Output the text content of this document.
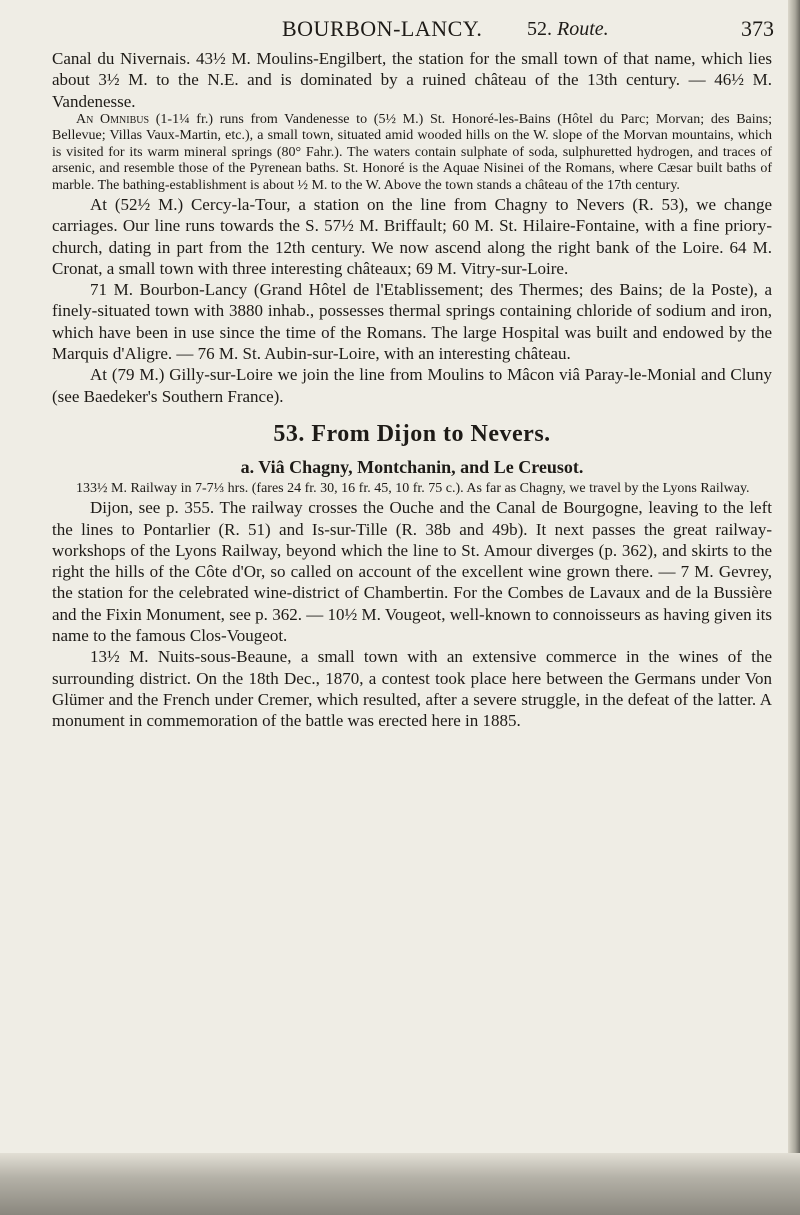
BOURBON-LANCY. 52. Route.	373

Canal du Nivernais. 43½ M. Moulins-Engilbert, the station for the small town of that name, which lies about 3½ M. to the N.E. and is dominated by a ruined château of the 13th century. — 46½ M. Vandenesse.

An Omnibus (1-1¼ fr.) runs from Vandenesse to (5½ M.) St. Honoré-les-Bains (Hôtel du Parc; Morvan; des Bains; Bellevue; Villas Vaux-Martin, etc.), a small town, situated amid wooded hills on the W. slope of the Morvan mountains, which is visited for its warm mineral springs (80° Fahr.). The waters contain sulphate of soda, sulphuretted hydrogen, and traces of arsenic, and resemble those of the Pyrenean baths. St. Honoré is the Aquae Nisinei of the Romans, where Cæsar built baths of marble. The bathing-establishment is about ½ M. to the W. Above the town stands a château of the 17th century.

At (52½ M.) Cercy-la-Tour, a station on the line from Chagny to Nevers (R. 53), we change carriages. Our line runs towards the S. 57½ M. Briffault; 60 M. St. Hilaire-Fontaine, with a fine priory-church, dating in part from the 12th century. We now ascend along the right bank of the Loire. 64 M. Cronat, a small town with three interesting châteaux; 69 M. Vitry-sur-Loire.

71 M. Bourbon-Lancy (Grand Hôtel de l'Etablissement; des Thermes; des Bains; de la Poste), a finely-situated town with 3880 inhab., possesses thermal springs containing chloride of sodium and iron, which have been in use since the time of the Romans. The large Hospital was built and endowed by the Marquis d'Aligre. — 76 M. St. Aubin-sur-Loire, with an interesting château.

At (79 M.) Gilly-sur-Loire we join the line from Moulins to Mâcon viâ Paray-le-Monial and Cluny (see Baedeker's Southern France).

53. From Dijon to Nevers.
a. Viâ Chagny, Montchanin, and Le Creusot.

133½ M. Railway in 7-7⅓ hrs. (fares 24 fr. 30, 16 fr. 45, 10 fr. 75 c.). As far as Chagny, we travel by the Lyons Railway.

Dijon, see p. 355. The railway crosses the Ouche and the Canal de Bourgogne, leaving to the left the lines to Pontarlier (R. 51) and Is-sur-Tille (R. 38b and 49b). It next passes the great railway-workshops of the Lyons Railway, beyond which the line to St. Amour diverges (p. 362), and skirts to the right the hills of the Côte d'Or, so called on account of the excellent wine grown there. — 7 M. Gevrey, the station for the celebrated wine-district of Chambertin. For the Combes de Lavaux and de la Bussière and the Fixin Monument, see p. 362. — 10½ M. Vougeot, well-known to connoisseurs as having given its name to the famous Clos-Vougeot.

13½ M. Nuits-sous-Beaune, a small town with an extensive commerce in the wines of the surrounding district. On the 18th Dec., 1870, a contest took place here between the Germans under Von Glümer and the French under Cremer, which resulted, after a severe struggle, in the defeat of the latter. A monument in commemoration of the battle was erected here in 1885.
